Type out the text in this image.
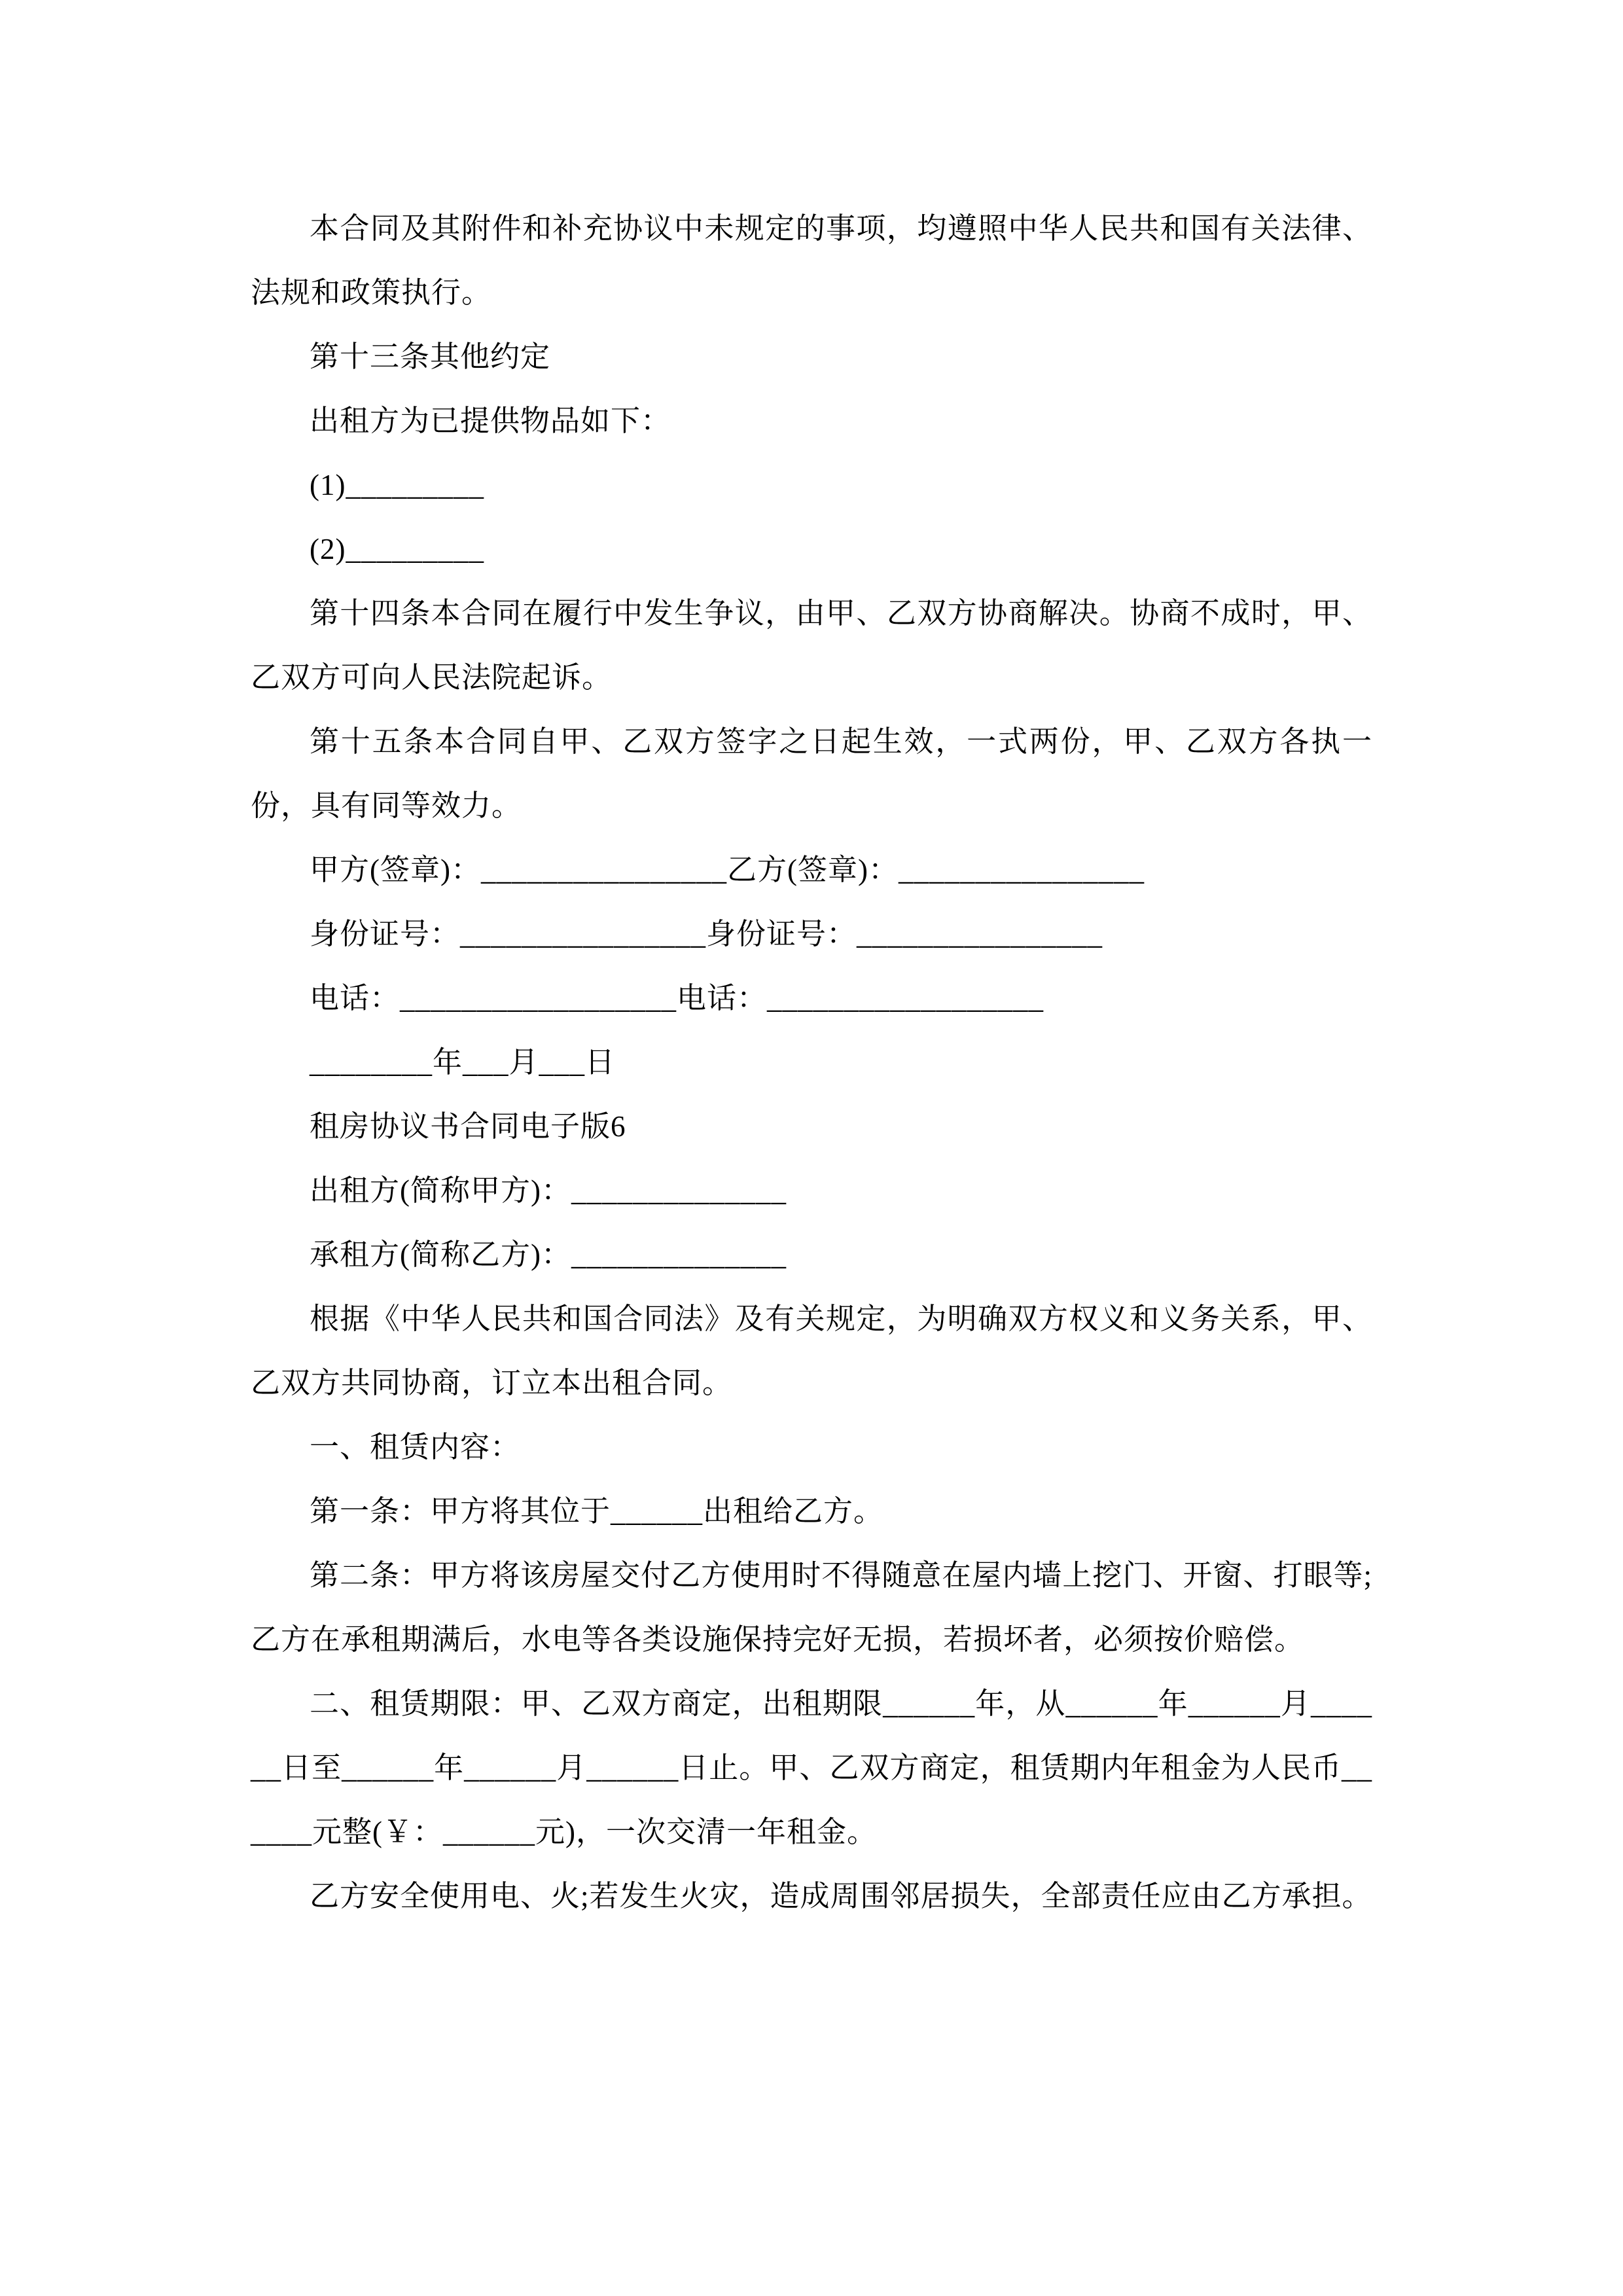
本合同及其附件和补充协议中未规定的事项，均遵照中华人民共和国有关法律、法规和政策执行。

第十三条其他约定

出租方为已提供物品如下：

(1)_________

(2)_________

第十四条本合同在履行中发生争议，由甲、乙双方协商解决。协商不成时，甲、乙双方可向人民法院起诉。

第十五条本合同自甲、乙双方签字之日起生效，一式两份，甲、乙双方各执一份，具有同等效力。

甲方(签章)：________________乙方(签章)：________________

身份证号：________________身份证号：________________

电话：__________________电话：__________________

________年___月___日

租房协议书合同电子版6

出租方(简称甲方)：______________

承租方(简称乙方)：______________

根据《中华人民共和国合同法》及有关规定，为明确双方权义和义务关系，甲、乙双方共同协商，订立本出租合同。

一、租赁内容：

第一条：甲方将其位于______出租给乙方。

第二条：甲方将该房屋交付乙方使用时不得随意在屋内墙上挖门、开窗、打眼等;乙方在承租期满后，水电等各类设施保持完好无损，若损坏者，必须按价赔偿。

二、租赁期限：甲、乙双方商定，出租期限______年，从______年______月______日至______年______月______日止。甲、乙双方商定，租赁期内年租金为人民币______元整(￥：______元)，一次交清一年租金。

乙方安全使用电、火;若发生火灾，造成周围邻居损失，全部责任应由乙方承担。
